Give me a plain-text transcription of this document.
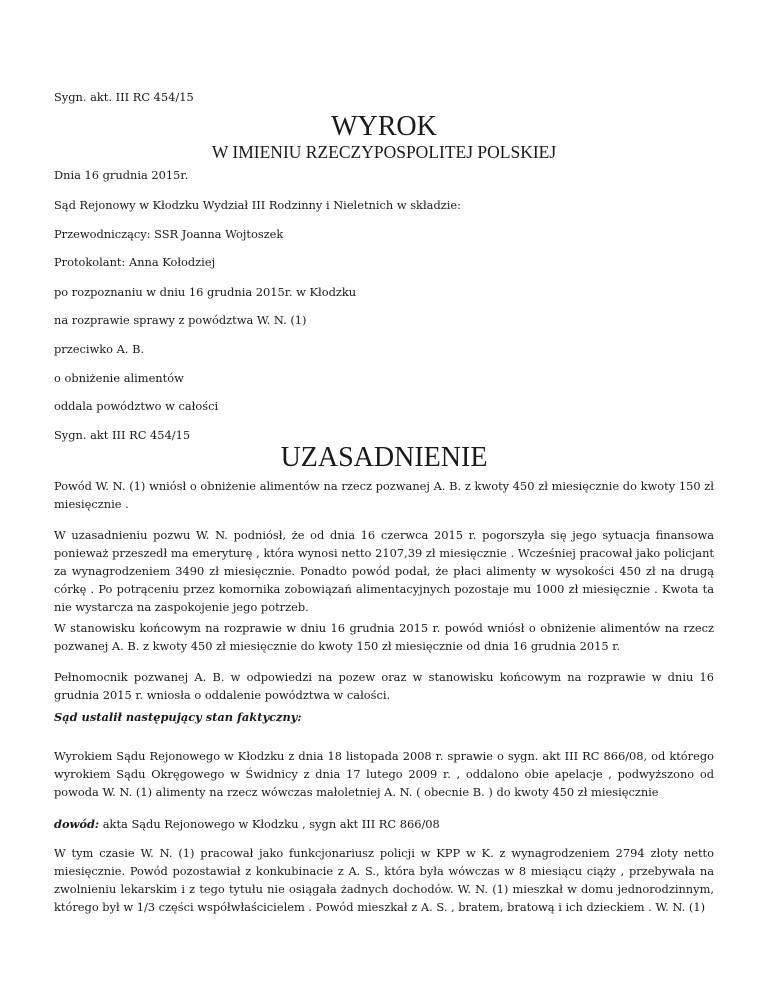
Sygn. akt. III RC 454/15

WYROK

W IMIENIU RZECZYPOSPOLITEJ POLSKIEJ

Dnia 16 grudnia 2015r.

Sąd Rejonowy w Kłodzku Wydział III Rodzinny i Nieletnich w składzie:

Przewodniczący: SSR Joanna Wojtoszek

Protokolant: Anna Kołodziej

po rozpoznaniu w dniu 16 grudnia 2015r. w Kłodzku

na rozprawie sprawy z powództwa W. N. (1)

przeciwko A. B.

o obniżenie alimentów

oddala powództwo w całości

Sygn. akt III RC 454/15

UZASADNIENIE

Powód W. N. (1) wniósł o obniżenie alimentów na rzecz pozwanej A. B. z kwoty 450 zł miesięcznie do kwoty 150 zł miesięcznie .

W uzasadnieniu pozwu W. N. podniósł, że od dnia 16 czerwca 2015 r. pogorszyła się jego sytuacja finansowa ponieważ przeszedł ma emeryturę , która wynosi netto 2107,39 zł miesięcznie . Wcześniej pracował jako policjant za wynagrodzeniem 3490 zł miesięcznie. Ponadto powód podał, że płaci alimenty w wysokości 450 zł na drugą córkę . Po potrąceniu przez komornika zobowiązań alimentacyjnych pozostaje mu 1000 zł miesięcznie . Kwota ta nie wystarcza na zaspokojenie jego potrzeb.

W stanowisku końcowym na rozprawie w dniu 16 grudnia 2015 r. powód wniósł o obniżenie alimentów na rzecz pozwanej A. B. z kwoty 450 zł miesięcznie do kwoty 150 zł miesięcznie od dnia 16 grudnia 2015 r.

Pełnomocnik pozwanej A. B. w odpowiedzi na pozew oraz w stanowisku końcowym na rozprawie w dniu 16 grudnia 2015 r. wniosła o oddalenie powództwa w całości.

Sąd ustalił następujący stan faktyczny:

Wyrokiem Sądu Rejonowego w Kłodzku z dnia 18 listopada 2008 r. sprawie o sygn. akt III RC 866/08, od którego wyrokiem Sądu Okręgowego w Świdnicy z dnia 17 lutego 2009 r. , oddalono obie apelacje , podwyższono od powoda W. N. (1) alimenty na rzecz wówczas małoletniej A. N. ( obecnie B. ) do kwoty 450 zł miesięcznie

dowód: akta Sądu Rejonowego w Kłodzku , sygn akt III RC 866/08

W tym czasie W. N. (1) pracował jako funkcjonariusz policji w KPP w K. z wynagrodzeniem 2794 złoty netto miesięcznie. Powód pozostawiał z konkubinacie z A. S., która była wówczas w 8 miesiącu ciąży , przebywała na zwolnieniu lekarskim i z tego tytułu nie osiągała żadnych dochodów. W. N. (1) mieszkał w domu jednorodzinnym, którego był w 1/3 części współwłaścicielem . Powód mieszkał z A. S. , bratem, bratową i ich dzieckiem . W. N. (1)
